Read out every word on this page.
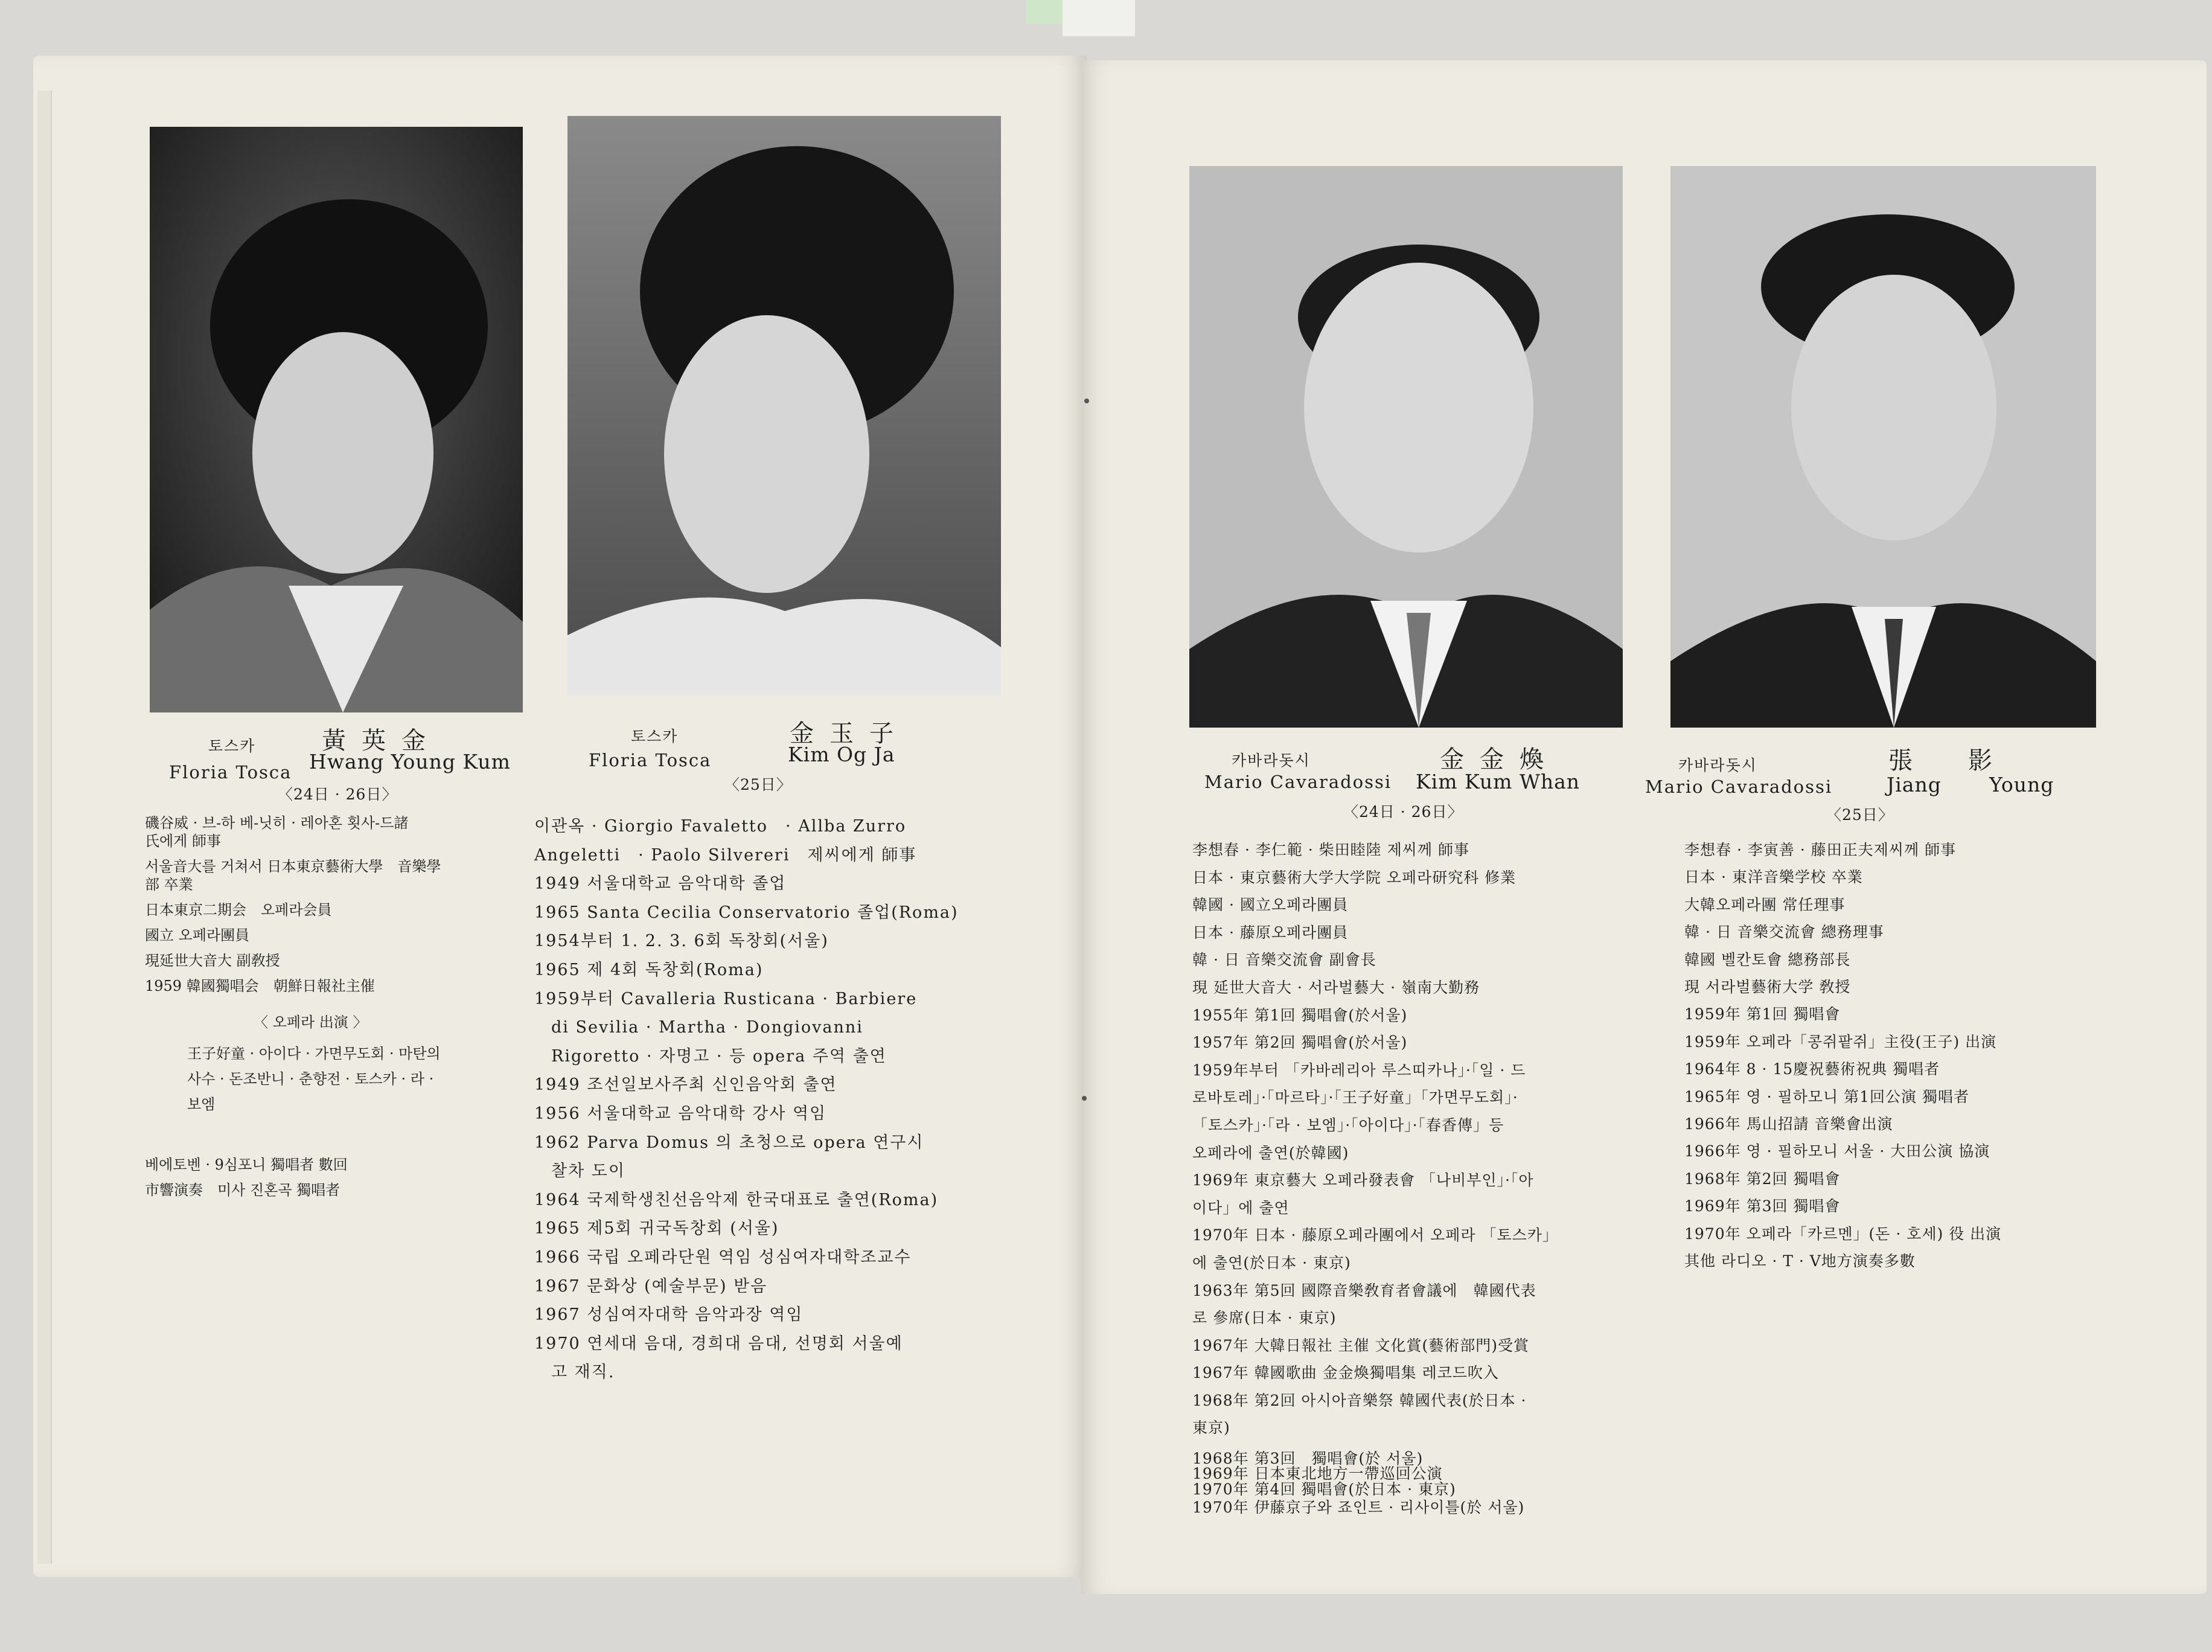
토스카	黃英金
Floria Tosca Hwang Young Kum
〈24日 · 26日〉
토스카	金玉子
Floria Tosca	Kim Og Ja
〈25日〉
카바라돗시	金金煥
Mario Cavaradossi Kim Kum Whan
〈24日 · 26日〉
카바라돗시	張　影
Mario Cavaradossi	Jiang Young
〈25日〉
磯谷威 · 브-하 베-닛히 · 레아혼 횟사-드諸
氏에게 師事
서울音大를 거쳐서 日本東京藝術大學　音樂學
部 卒業
日本東京二期会　오페라会員
國立 오페라團員
現延世大音大 副敎授
1959 韓國獨唱会　朝鮮日報社主催
〈 오페라 出演 〉
王子好童 · 아이다 · 가면무도회 · 마탄의
사수 · 돈조반니 · 춘향전 · 토스카 · 라 ·
보엠
베에토벤 · 9심포니 獨唱者 數回
市響演奏　미사 진혼곡 獨唱者
이관옥 · Giorgio Favaletto　· Allba Zurro
Angeletti　· Paolo Silvereri　제씨에게 師事
1949 서울대학교 음악대학 졸업
1965 Santa Cecilia Conservatorio 졸업(Roma)
1954부터 1. 2. 3. 6회 독창회(서울)
1965 제 4회 독창회(Roma)
1959부터 Cavalleria Rusticana · Barbiere
di Sevilia · Martha · Dongiovanni
Rigoretto · 자명고 · 등 opera 주역 출연
1949 조선일보사주최 신인음악회 출연
1956 서울대학교 음악대학 강사 역임
1962 Parva Domus 의 초청으로 opera 연구시
찰차 도이
1964 국제학생친선음악제 한국대표로 출연(Roma)
1965 제5회 귀국독창회 (서울)
1966 국립 오페라단원 역임 성심여자대학조교수
1967 문화상 (예술부문) 받음
1967 성심여자대학 음악과장 역임
1970 연세대 음대, 경희대 음대, 선명회 서울예
고 재직.
李想春 · 李仁範 · 柴田睦陸 제씨께 師事
日本 · 東京藝術大学大学院 오페라研究科 修業
韓國 · 國立오페라團員
日本 · 藤原오페라團員
韓 · 日 音樂交流會 副會長
現 延世大音大 · 서라벌藝大 · 嶺南大勤務
1955年 第1回 獨唱會(於서울)
1957年 第2回 獨唱會(於서울)
1959年부터 「카바레리아 루스띠카나」·「일 · 드
로바토레」·「마르타」·「王子好童」「가면무도회」·
「토스카」·「라 · 보엠」·「아이다」·「春香傳」등
오페라에 출연(於韓國)
1969年 東京藝大 오페라發表會 「나비부인」·「아
이다」에 출연
1970年 日本 · 藤原오페라團에서 오페라 「토스카」
에 출연(於日本 · 東京)
1963年 第5回 國際音樂敎育者會議에　韓國代表
로 參席(日本 · 東京)
1967年 大韓日報社 主催 文化賞(藝術部門)受賞
1967年 韓國歌曲 金金煥獨唱集 레코드吹入
1968年 第2回 아시아音樂祭 韓國代表(於日本 ·
東京)
1968年 第3回　獨唱會(於 서울)
1969年 日本東北地方一帶巡回公演
1970年 第4回 獨唱會(於日本 · 東京)
1970年 伊藤京子와 죠인트 · 리사이틀(於 서울)
李想春 · 李寅善 · 藤田正夫제씨께 師事
日本 · 東洋音樂学校 卒業
大韓오페라團 常任理事
韓 · 日 音樂交流會 總務理事
韓國 벨칸토會 總務部長
現 서라벌藝術大学 敎授
1959年 第1回 獨唱會
1959年 오페라「콩쥐팥쥐」主役(王子) 出演
1964年 8 · 15慶祝藝術祝典 獨唱者
1965年 영 · 필하모니 第1回公演 獨唱者
1966年 馬山招請 音樂會出演
1966年 영 · 필하모니 서울 · 大田公演 協演
1968年 第2回 獨唱會
1969年 第3回 獨唱會
1970年 오페라「카르멘」(돈 · 호세) 役 出演
其他 라디오 · T · V地方演奏多數
